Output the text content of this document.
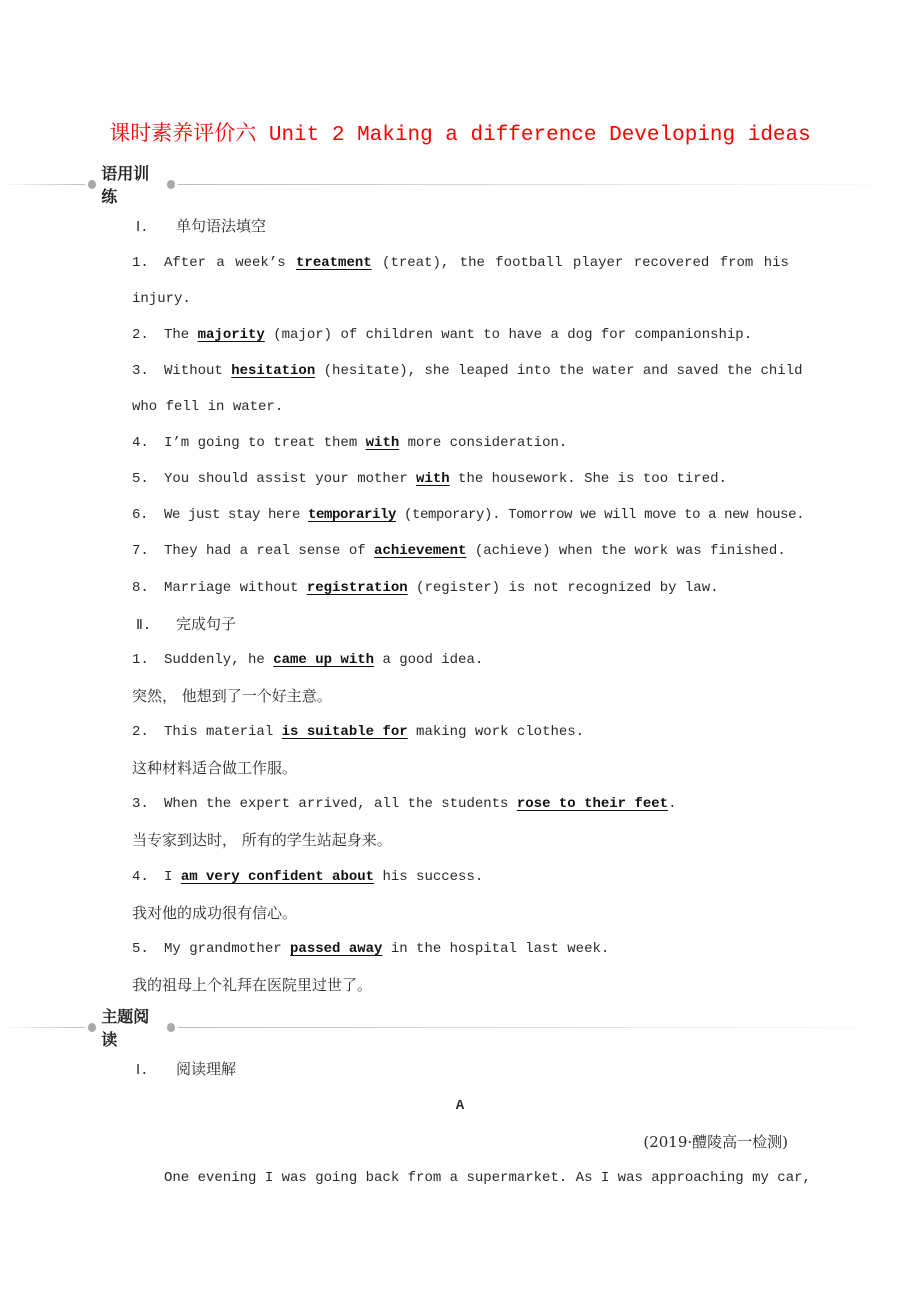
课时素养评价六 Unit 2 Making a difference Developing ideas
语用训练
Ⅰ. 单句语法填空
1. After a week’s treatment (treat), the football player recovered from his
injury.
2. The majority (major) of children want to have a dog for companionship.
3. Without hesitation (hesitate), she leaped into the water and saved the child
who fell in water.
4. I’m going to treat them with more consideration.
5. You should assist your mother with the housework. She is too tired.
6. We just stay here temporarily (temporary). Tomorrow we will move to a new house.
7. They had a real sense of achievement (achieve) when the work was finished.
8. Marriage without registration (register) is not recognized by law.
Ⅱ. 完成句子
1. Suddenly, he came up with a good idea.
突然， 他想到了一个好主意。
2. This material is suitable for making work clothes.
这种材料适合做工作服。
3. When the expert arrived, all the students rose to their feet.
当专家到达时， 所有的学生站起身来。
4. I am very confident about his success.
我对他的成功很有信心。
5. My grandmother passed away in the hospital last week.
我的祖母上个礼拜在医院里过世了。
主题阅读
Ⅰ. 阅读理解
A
(2019·醴陵高一检测)
One evening I was going back from a supermarket. As I was approaching my car,
